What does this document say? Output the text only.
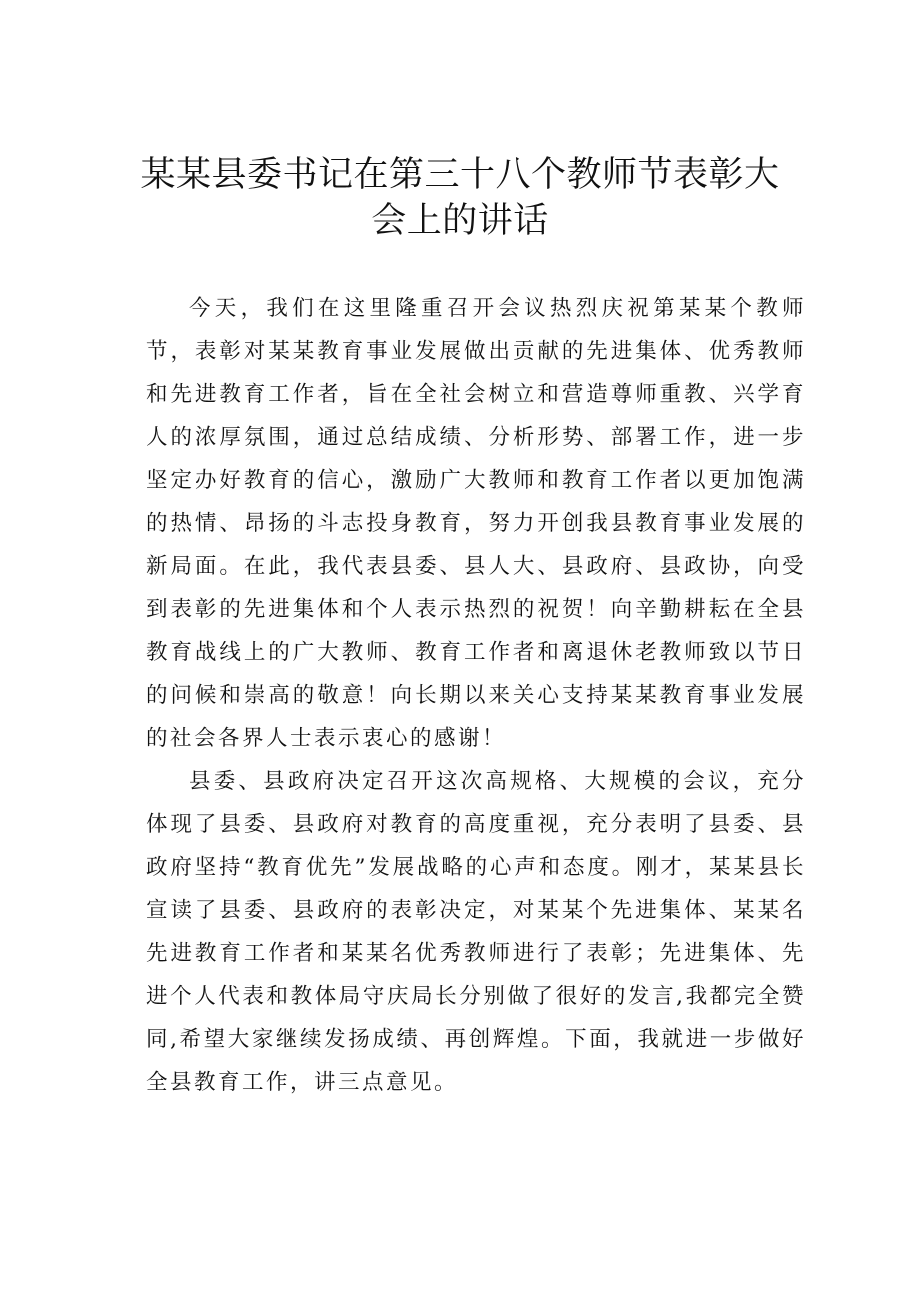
某某县委书记在第三十八个教师节表彰大
会上的讲话

今天，我们在这里隆重召开会议热烈庆祝第某某个教师节，表彰对某某教育事业发展做出贡献的先进集体、优秀教师和先进教育工作者，旨在全社会树立和营造尊师重教、兴学育人的浓厚氛围，通过总结成绩、分析形势、部署工作，进一步坚定办好教育的信心，激励广大教师和教育工作者以更加饱满的热情、昂扬的斗志投身教育，努力开创我县教育事业发展的新局面。在此，我代表县委、县人大、县政府、县政协，向受到表彰的先进集体和个人表示热烈的祝贺！向辛勤耕耘在全县教育战线上的广大教师、教育工作者和离退休老教师致以节日的问候和崇高的敬意！向长期以来关心支持某某教育事业发展的社会各界人士表示衷心的感谢！

县委、县政府决定召开这次高规格、大规模的会议，充分体现了县委、县政府对教育的高度重视，充分表明了县委、县政府坚持“教育优先”发展战略的心声和态度。刚才，某某县长宣读了县委、县政府的表彰决定，对某某个先进集体、某某名先进教育工作者和某某名优秀教师进行了表彰；先进集体、先进个人代表和教体局守庆局长分别做了很好的发言,我都完全赞同,希望大家继续发扬成绩、再创辉煌。下面，我就进一步做好全县教育工作，讲三点意见。
